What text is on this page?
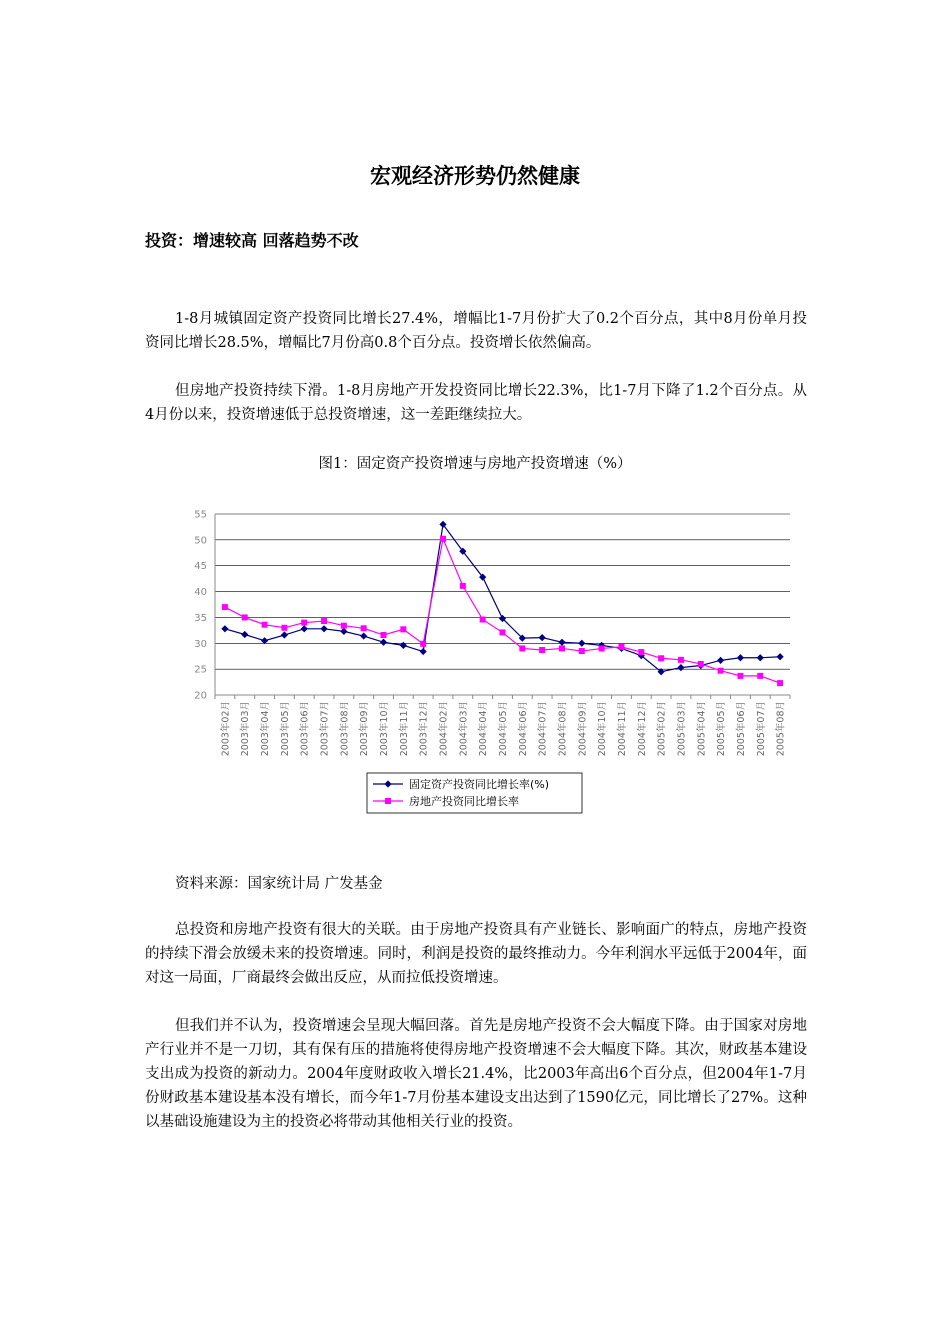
宏观经济形势仍然健康
投资：增速较高 回落趋势不改

1-8月城镇固定资产投资同比增长27.4%，增幅比1-7月份扩大了0.2个百分点，其中8月份单月投资同比增长28.5%，增幅比7月份高0.8个百分点。投资增长依然偏高。

但房地产投资持续下滑。1-8月房地产开发投资同比增长22.3%，比1-7月下降了1.2个百分点。从4月份以来，投资增速低于总投资增速，这一差距继续拉大。

图1：固定资产投资增速与房地产投资增速（%）

20
25
30
35
40
45
50
55
2003年02月 2003年03月 2003年04月 2003年05月 2003年06月 2003年07月 2003年08月 2003年09月 2003年10月 2003年11月 2003年12月 2004年02月 2004年03月 2004年04月 2004年05月 2004年06月 2004年07月 2004年08月 2004年09月 2004年10月 2004年11月 2004年12月 2005年02月 2005年03月 2005年04月 2005年05月 2005年06月 2005年07月 2005年08月
固定资产投资同比增长率(%)
房地产投资同比增长率

资料来源：国家统计局 广发基金

总投资和房地产投资有很大的关联。由于房地产投资具有产业链长、影响面广的特点，房地产投资的持续下滑会放缓未来的投资增速。同时，利润是投资的最终推动力。今年利润水平远低于2004年，面对这一局面，厂商最终会做出反应，从而拉低投资增速。

但我们并不认为，投资增速会呈现大幅回落。首先是房地产投资不会大幅度下降。由于国家对房地产行业并不是一刀切，其有保有压的措施将使得房地产投资增速不会大幅度下降。其次，财政基本建设支出成为投资的新动力。2004年度财政收入增长21.4%，比2003年高出6个百分点，但2004年1-7月份财政基本建设基本没有增长，而今年1-7月份基本建设支出达到了1590亿元，同比增长了27%。这种以基础设施建设为主的投资必将带动其他相关行业的投资。
